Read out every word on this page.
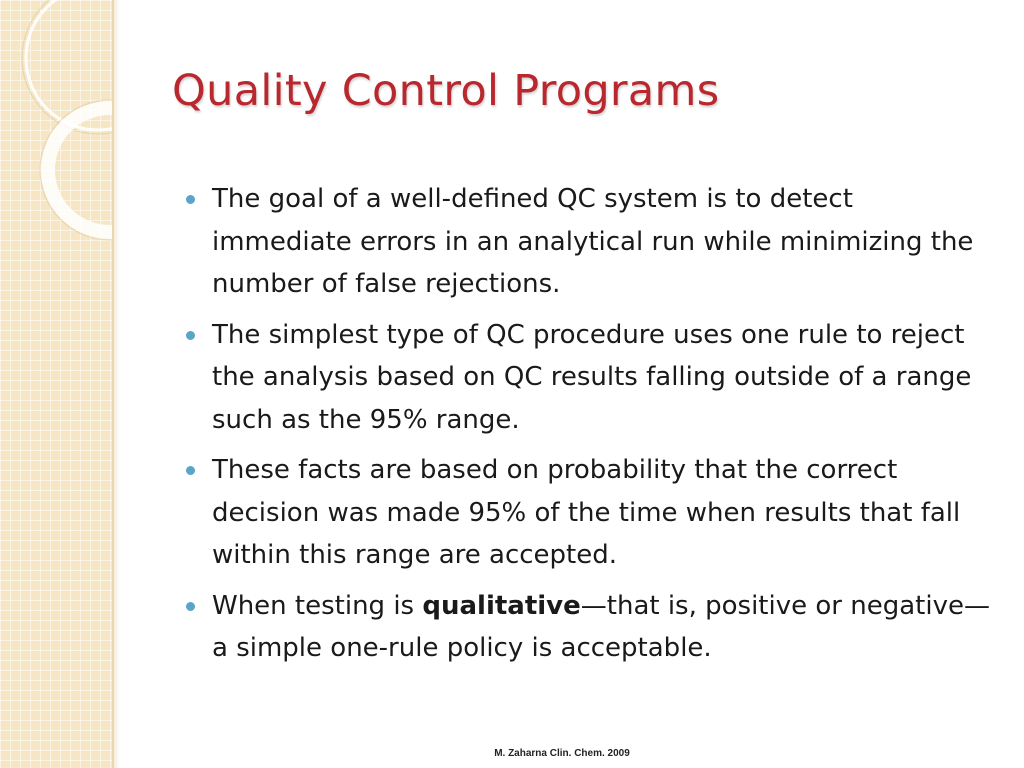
Quality Control Programs
The goal of a well-defined QC system is to detect immediate errors in an analytical run while minimizing the number of false rejections.
The simplest type of QC procedure uses one rule to reject the analysis based on QC results falling outside of a range such as the 95% range.
These facts are based on probability that the correct decision was made 95% of the time when results that fall within this range are accepted.
When testing is qualitative—that is, positive or negative—a simple one-rule policy is acceptable.
M. Zaharna Clin. Chem. 2009
